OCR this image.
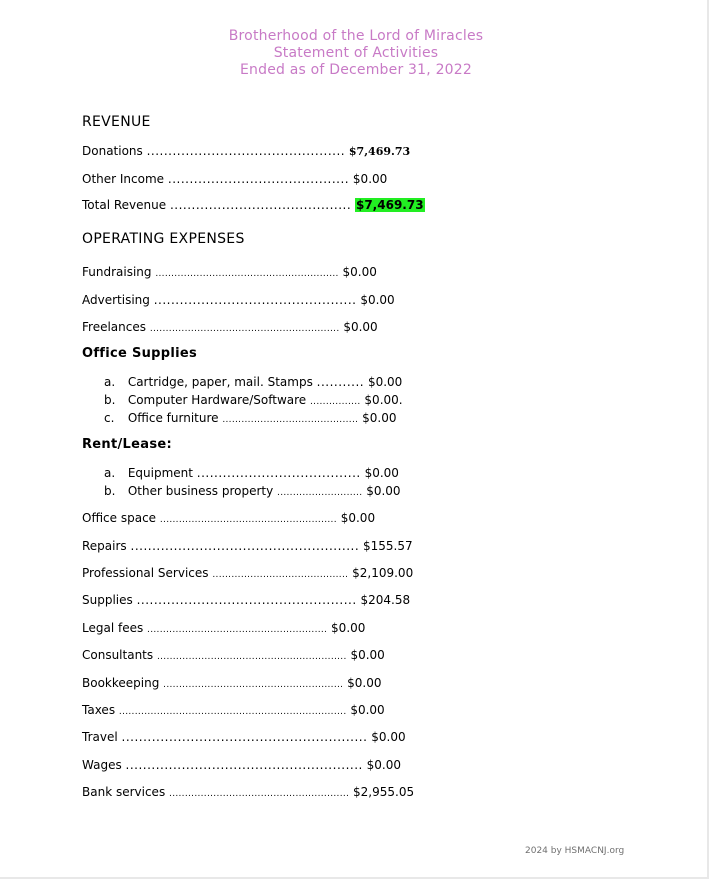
Brotherhood of the Lord of Miracles
Statement of Activities
Ended as of December 31, 2022
REVENUE
Donations .............................................. $7,469.73
Other Income .......................................... $0.00
Total Revenue .......................................... $7,469.73
OPERATING EXPENSES
Fundraising .......................................................... $0.00
Advertising ............................................... $0.00
Freelances ............................................................ $0.00
Office Supplies
a. Cartridge, paper, mail. Stamps ........... $0.00
b. Computer Hardware/Software ................ $0.00.
c. Office furniture ........................................... $0.00
Rent/Lease:
a. Equipment ...................................... $0.00
b. Other business property ........................... $0.00
Office space ........................................................ $0.00
Repairs ..................................................... $155.57
Professional Services ........................................... $2,109.00
Supplies ................................................... $204.58
Legal fees ......................................................... $0.00
Consultants ............................................................ $0.00
Bookkeeping ......................................................... $0.00
Taxes ........................................................................ $0.00
Travel ......................................................... $0.00
Wages ....................................................... $0.00
Bank services ......................................................... $2,955.05
2024 by HSMACNJ.org
